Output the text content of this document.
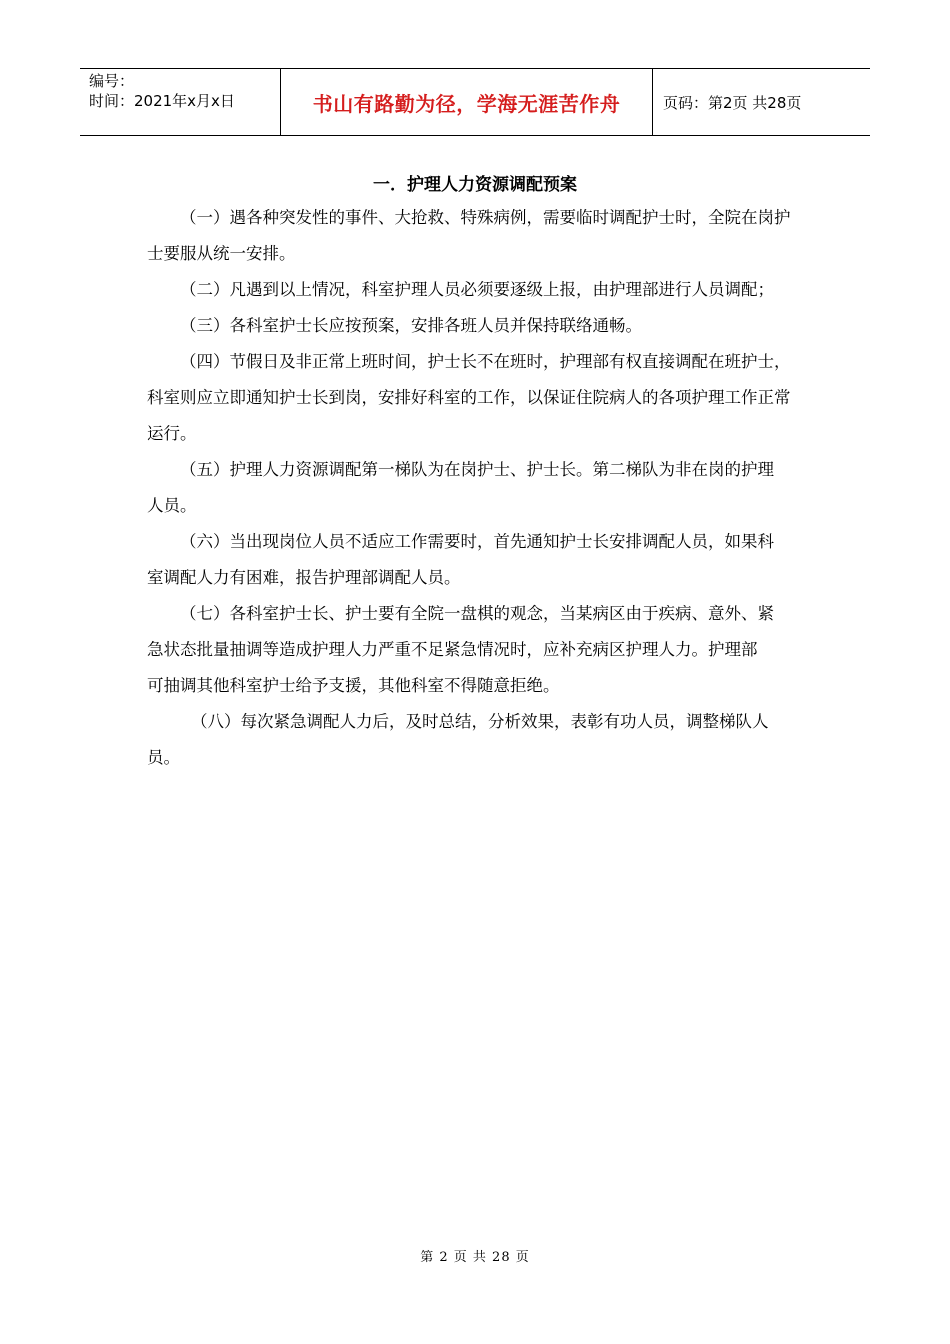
编号：
时间：2021年x月x日	书山有路勤为径，学海无涯苦作舟	页码：第2页 共28页
一．护理人力资源调配预案

（一）遇各种突发性的事件、大抢救、特殊病例，需要临时调配护士时，全院在岗护
士要服从统一安排。

（二）凡遇到以上情况，科室护理人员必须要逐级上报，由护理部进行人员调配；

（三）各科室护士长应按预案，安排各班人员并保持联络通畅。

（四）节假日及非正常上班时间，护士长不在班时，护理部有权直接调配在班护士，
科室则应立即通知护士长到岗，安排好科室的工作，以保证住院病人的各项护理工作正常
运行。

（五）护理人力资源调配第一梯队为在岗护士、护士长。第二梯队为非在岗的护理
人员。

（六）当出现岗位人员不适应工作需要时，首先通知护士长安排调配人员，如果科
室调配人力有困难，报告护理部调配人员。

（七）各科室护士长、护士要有全院一盘棋的观念，当某病区由于疾病、意外、紧
急状态批量抽调等造成护理人力严重不足紧急情况时，应补充病区护理人力。护理部
可抽调其他科室护士给予支援，其他科室不得随意拒绝。

（八）每次紧急调配人力后，及时总结，分析效果，表彰有功人员，调整梯队人
员。

第 2 页 共 28 页
